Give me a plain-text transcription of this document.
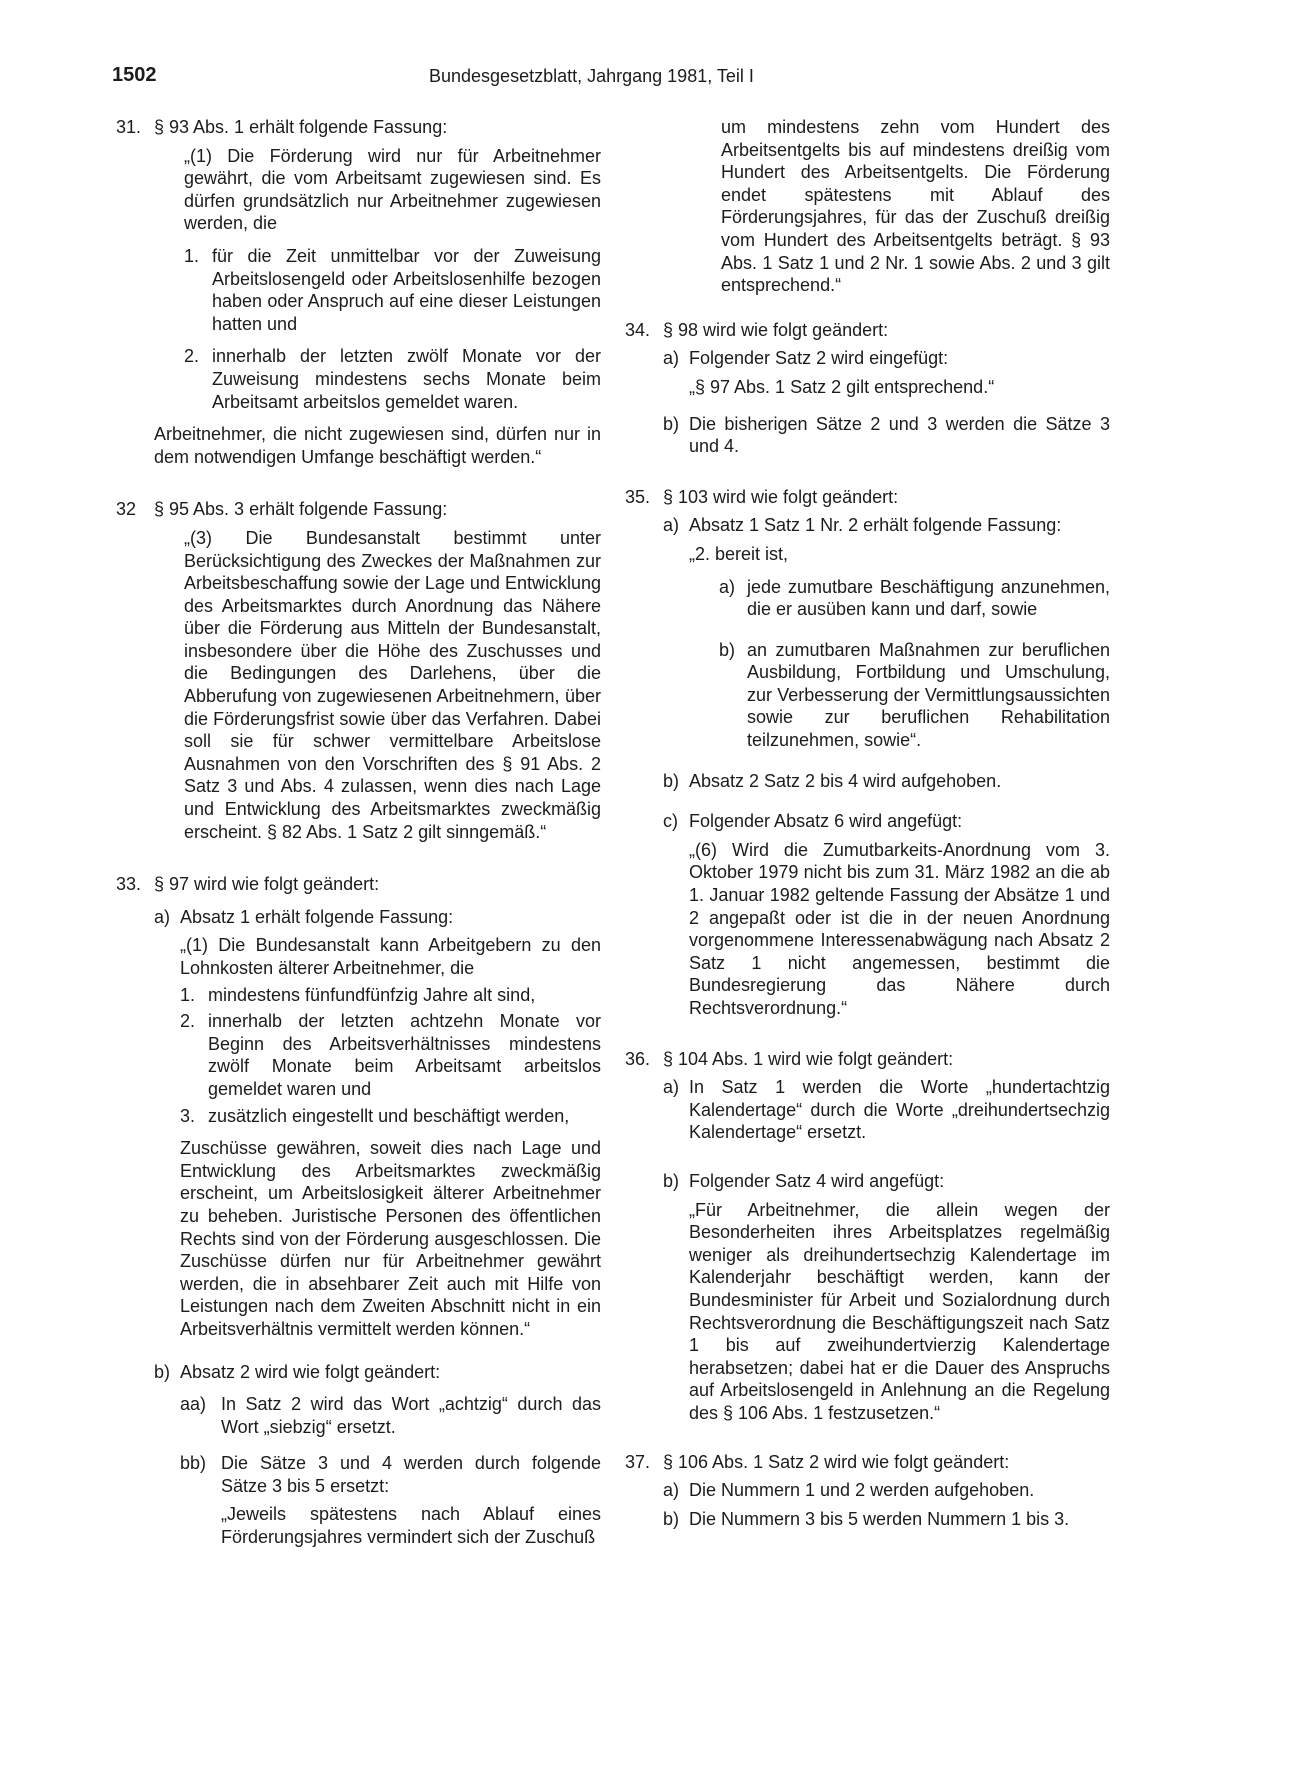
1502	Bundesgesetzblatt, Jahrgang 1981, Teil I
31. § 93 Abs. 1 erhält folgende Fassung:

„(1) Die Förderung wird nur für Arbeitnehmer gewährt, die vom Arbeitsamt zugewiesen sind. Es dürfen grundsätzlich nur Arbeitnehmer zugewiesen werden, die

1. für die Zeit unmittelbar vor der Zuweisung Arbeitslosengeld oder Arbeitslosenhilfe bezogen haben oder Anspruch auf eine dieser Leistungen hatten und
2. innerhalb der letzten zwölf Monate vor der Zuweisung mindestens sechs Monate beim Arbeitsamt arbeitslos gemeldet waren.

Arbeitnehmer, die nicht zugewiesen sind, dürfen nur in dem notwendigen Umfange beschäftigt werden.“

32 § 95 Abs. 3 erhält folgende Fassung:

„(3) Die Bundesanstalt bestimmt unter Berücksichtigung des Zweckes der Maßnahmen zur Arbeitsbeschaffung sowie der Lage und Entwicklung des Arbeitsmarktes durch Anordnung das Nähere über die Förderung aus Mitteln der Bundesanstalt, insbesondere über die Höhe des Zuschusses und die Bedingungen des Darlehens, über die Abberufung von zugewiesenen Arbeitnehmern, über die Förderungsfrist sowie über das Verfahren. Dabei soll sie für schwer vermittelbare Arbeitslose Ausnahmen von den Vorschriften des § 91 Abs. 2 Satz 3 und Abs. 4 zulassen, wenn dies nach Lage und Entwicklung des Arbeitsmarktes zweckmäßig erscheint. § 82 Abs. 1 Satz 2 gilt sinngemäß.“

33. § 97 wird wie folgt geändert:

a) Absatz 1 erhält folgende Fassung:

„(1) Die Bundesanstalt kann Arbeitgebern zu den Lohnkosten älterer Arbeitnehmer, die

1. mindestens fünfundfünfzig Jahre alt sind,
2. innerhalb der letzten achtzehn Monate vor Beginn des Arbeitsverhältnisses mindestens zwölf Monate beim Arbeitsamt arbeitslos gemeldet waren und
3. zusätzlich eingestellt und beschäftigt werden,

Zuschüsse gewähren, soweit dies nach Lage und Entwicklung des Arbeitsmarktes zweckmäßig erscheint, um Arbeitslosigkeit älterer Arbeitnehmer zu beheben. Juristische Personen des öffentlichen Rechts sind von der Förderung ausgeschlossen. Die Zuschüsse dürfen nur für Arbeitnehmer gewährt werden, die in absehbarer Zeit auch mit Hilfe von Leistungen nach dem Zweiten Abschnitt nicht in ein Arbeitsverhältnis vermittelt werden können.“

b) Absatz 2 wird wie folgt geändert:

aa) In Satz 2 wird das Wort „achtzig“ durch das Wort „siebzig“ ersetzt.
bb) Die Sätze 3 und 4 werden durch folgende Sätze 3 bis 5 ersetzt:

„Jeweils spätestens nach Ablauf eines Förderungsjahres vermindert sich der Zuschuß

um mindestens zehn vom Hundert des Arbeitsentgelts bis auf mindestens dreißig vom Hundert des Arbeitsentgelts. Die Förderung endet spätestens mit Ablauf des Förderungsjahres, für das der Zuschuß dreißig vom Hundert des Arbeitsentgelts beträgt. § 93 Abs. 1 Satz 1 und 2 Nr. 1 sowie Abs. 2 und 3 gilt entsprechend.“

34. § 98 wird wie folgt geändert:

a) Folgender Satz 2 wird eingefügt:

„§ 97 Abs. 1 Satz 2 gilt entsprechend.“

b) Die bisherigen Sätze 2 und 3 werden die Sätze 3 und 4.
35. § 103 wird wie folgt geändert:

a) Absatz 1 Satz 1 Nr. 2 erhält folgende Fassung:

„2. bereit ist,

a) jede zumutbare Beschäftigung anzunehmen, die er ausüben kann und darf, sowie
b) an zumutbaren Maßnahmen zur beruflichen Ausbildung, Fortbildung und Umschulung, zur Verbesserung der Vermittlungsaussichten sowie zur beruflichen Rehabilitation teilzunehmen, sowie“.
b) Absatz 2 Satz 2 bis 4 wird aufgehoben.
c) Folgender Absatz 6 wird angefügt:

„(6) Wird die Zumutbarkeits-Anordnung vom 3. Oktober 1979 nicht bis zum 31. März 1982 an die ab 1. Januar 1982 geltende Fassung der Absätze 1 und 2 angepaßt oder ist die in der neuen Anordnung vorgenommene Interessenabwägung nach Absatz 2 Satz 1 nicht angemessen, bestimmt die Bundesregierung das Nähere durch Rechtsverordnung.“

36. § 104 Abs. 1 wird wie folgt geändert:

a) In Satz 1 werden die Worte „hundertachtzig Kalendertage“ durch die Worte „dreihundertsechzig Kalendertage“ ersetzt.
b) Folgender Satz 4 wird angefügt:

„Für Arbeitnehmer, die allein wegen der Besonderheiten ihres Arbeitsplatzes regelmäßig weniger als dreihundertsechzig Kalendertage im Kalenderjahr beschäftigt werden, kann der Bundesminister für Arbeit und Sozialordnung durch Rechtsverordnung die Beschäftigungszeit nach Satz 1 bis auf zweihundertvierzig Kalendertage herabsetzen; dabei hat er die Dauer des Anspruchs auf Arbeitslosengeld in Anlehnung an die Regelung des § 106 Abs. 1 festzusetzen.“

37. § 106 Abs. 1 Satz 2 wird wie folgt geändert:

a) Die Nummern 1 und 2 werden aufgehoben.
b) Die Nummern 3 bis 5 werden Nummern 1 bis 3.
